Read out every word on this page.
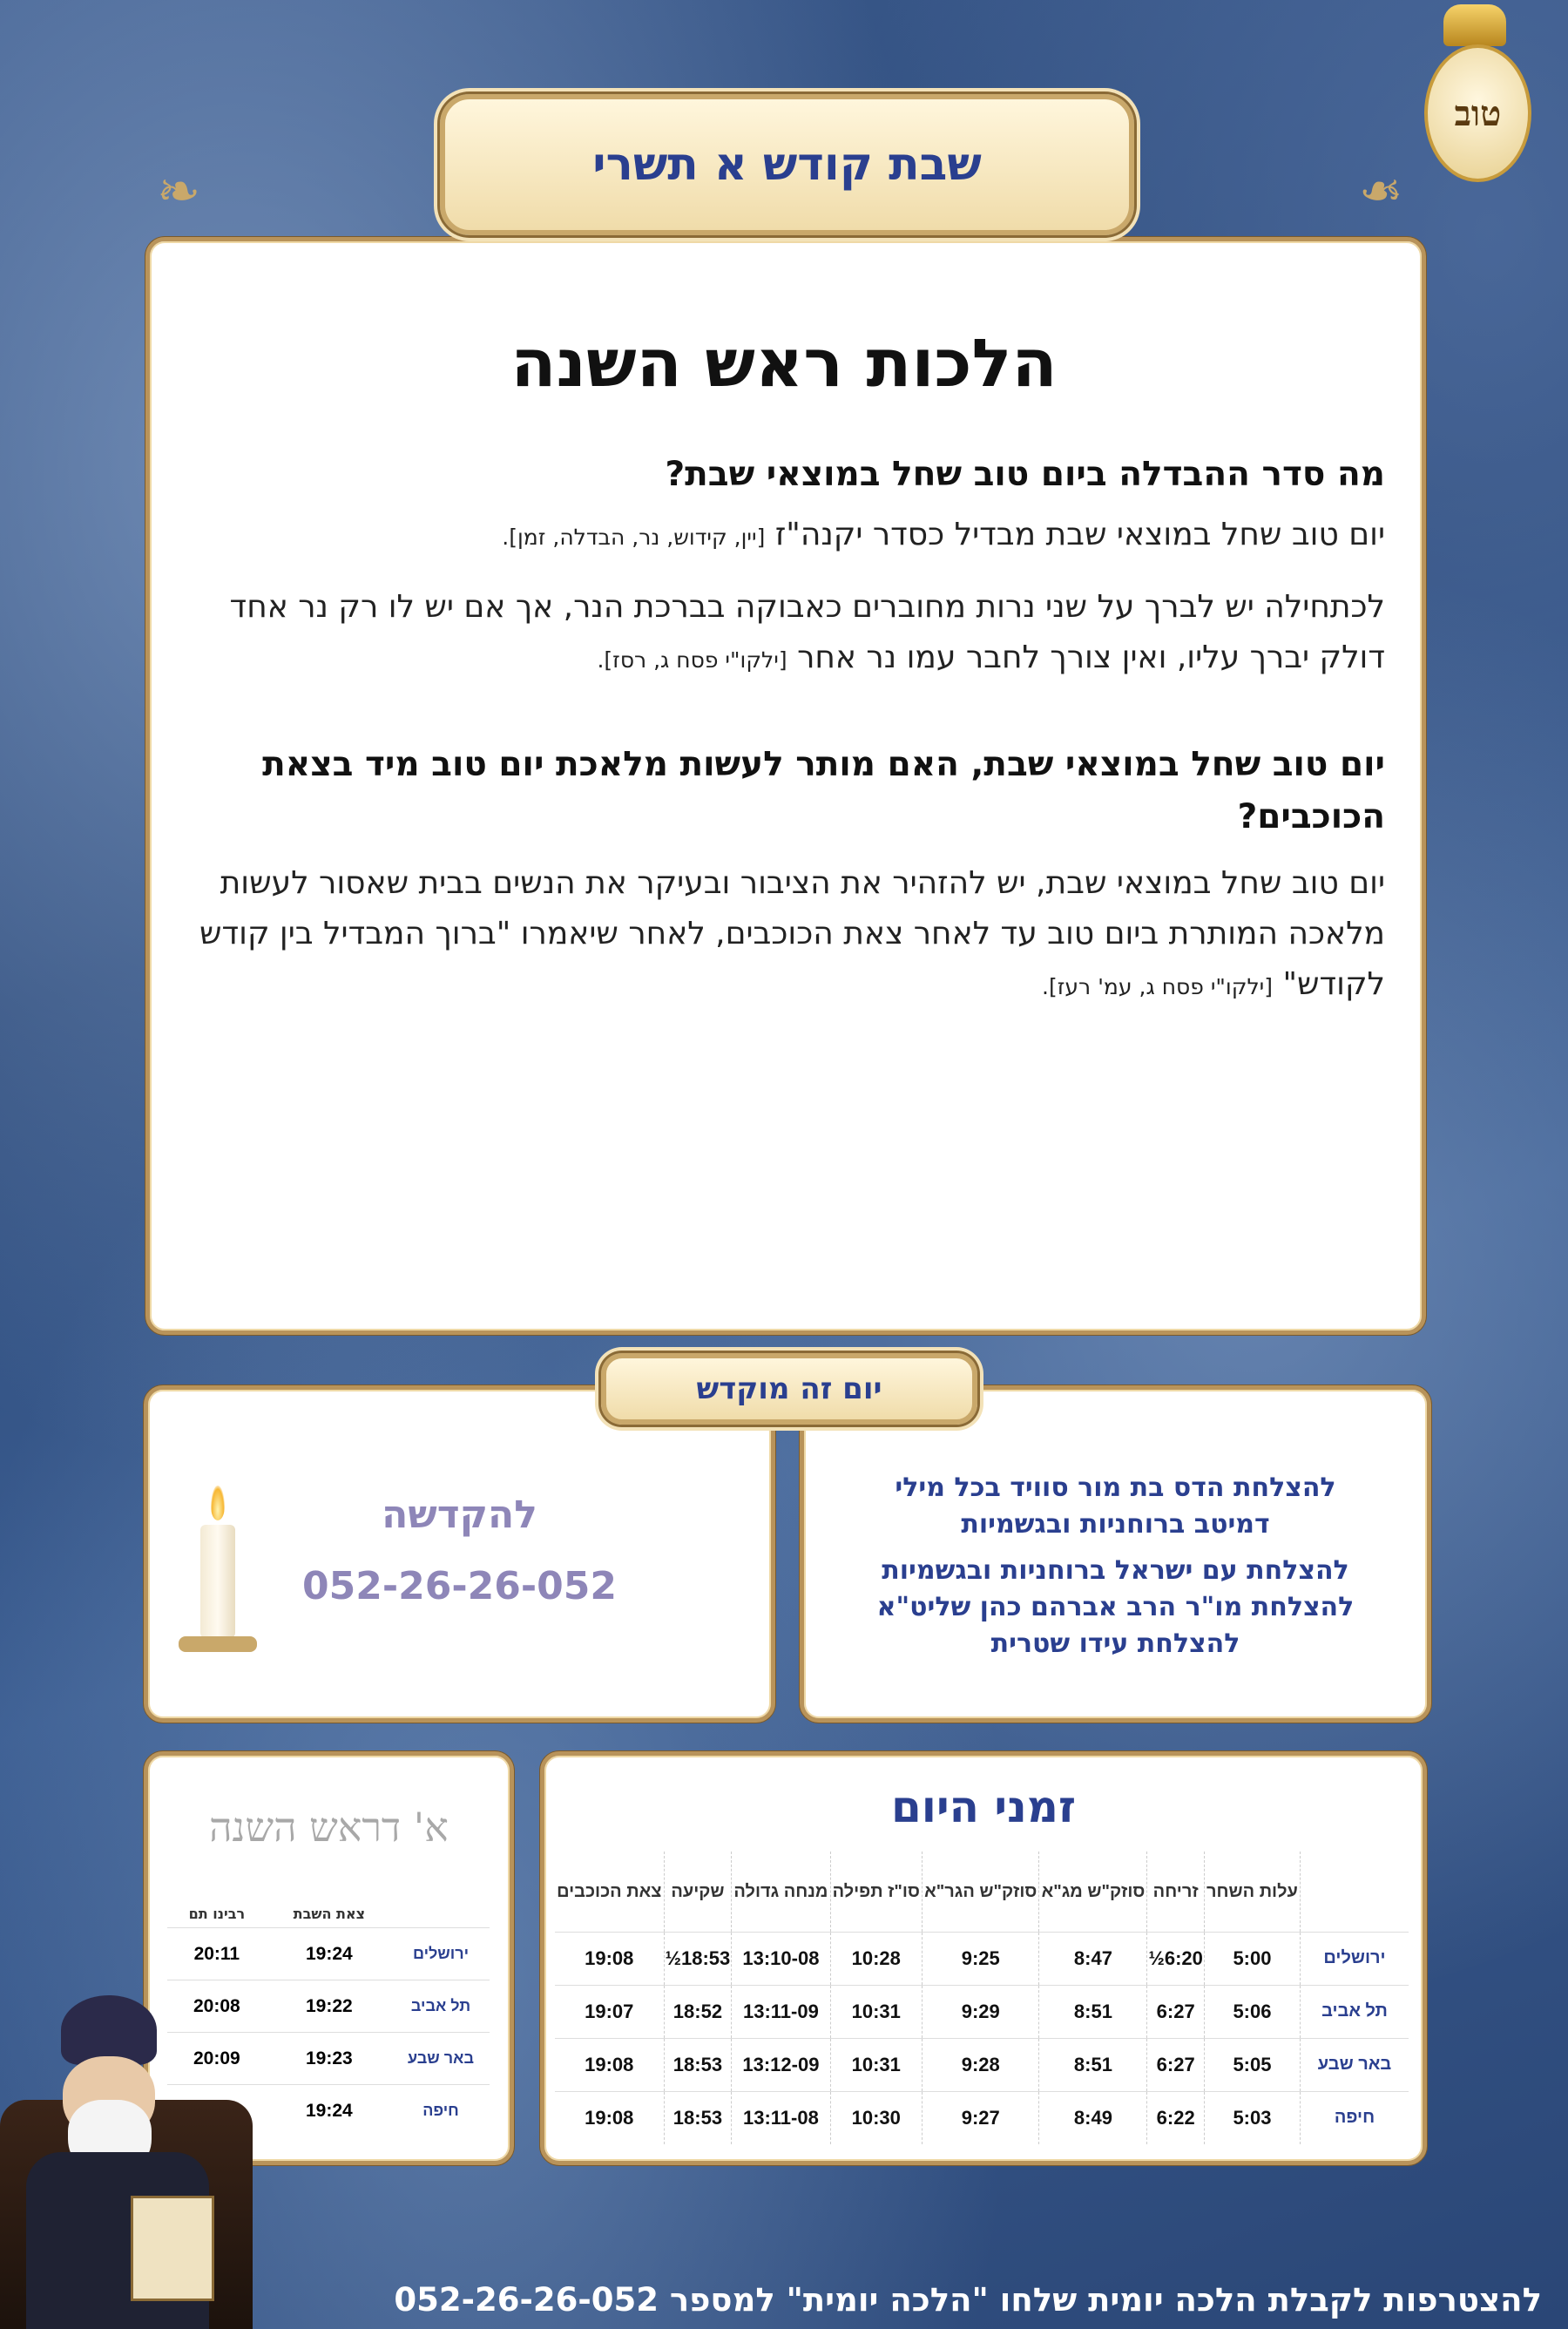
טוב
❧	❧
שבת קודש א תשרי
הלכות ראש השנה
מה סדר ההבדלה ביום טוב שחל במוצאי שבת?
יום טוב שחל במוצאי שבת מבדיל כסדר יקנה"ז [יין, קידוש, נר, הבדלה, זמן].
לכתחילה יש לברך על שני נרות מחוברים כאבוקה בברכת הנר, אך אם יש לו רק נר אחד דולק יברך עליו, ואין צורך לחבר עמו נר אחר [ילקו"י פסח ג, רסז].
יום טוב שחל במוצאי שבת, האם מותר לעשות מלאכת יום טוב מיד בצאת הכוכבים?
יום טוב שחל במוצאי שבת, יש להזהיר את הציבור ובעיקר את הנשים בבית שאסור לעשות מלאכה המותרת ביום טוב עד לאחר צאת הכוכבים, לאחר שיאמרו "ברוך המבדיל בין קודש לקודש" [ילקו"י פסח ג, עמ' רעז].
להקדשה
052-26-26-052
להצלחת הדס בת מור סוויד בכל מילי
דמיטב ברוחניות ובגשמיות
להצלחת עם ישראל ברוחניות ובגשמיות
להצלחת מו"ר הרב אברהם כהן שליט"א
להצלחת עידו שטרית
יום זה מוקדש
זמני היום
	עלות השחר	זריחה	סוזק"ש מג"א	סוזק"ש הגר"א	סו"ז תפילה	מנחה גדולה	שקיעה	צאת הכוכבים
ירושלים	5:00	6:20½	8:47	9:25	10:28	13:10-08	18:53½	19:08
תל אביב	5:06	6:27	8:51	9:29	10:31	13:11-09	18:52	19:07
באר שבע	5:05	6:27	8:51	9:28	10:31	13:12-09	18:53	19:08
חיפה	5:03	6:22	8:49	9:27	10:30	13:11-08	18:53	19:08
א' דראש השנה
	צאת השבת	רבינו תם
ירושלים	19:24	20:11
תל אביב	19:22	20:08
באר שבע	19:23	20:09
חיפה	19:24	
להצטרפות לקבלת הלכה יומית שלחו "הלכה יומית" למספר 052-26-26-052
